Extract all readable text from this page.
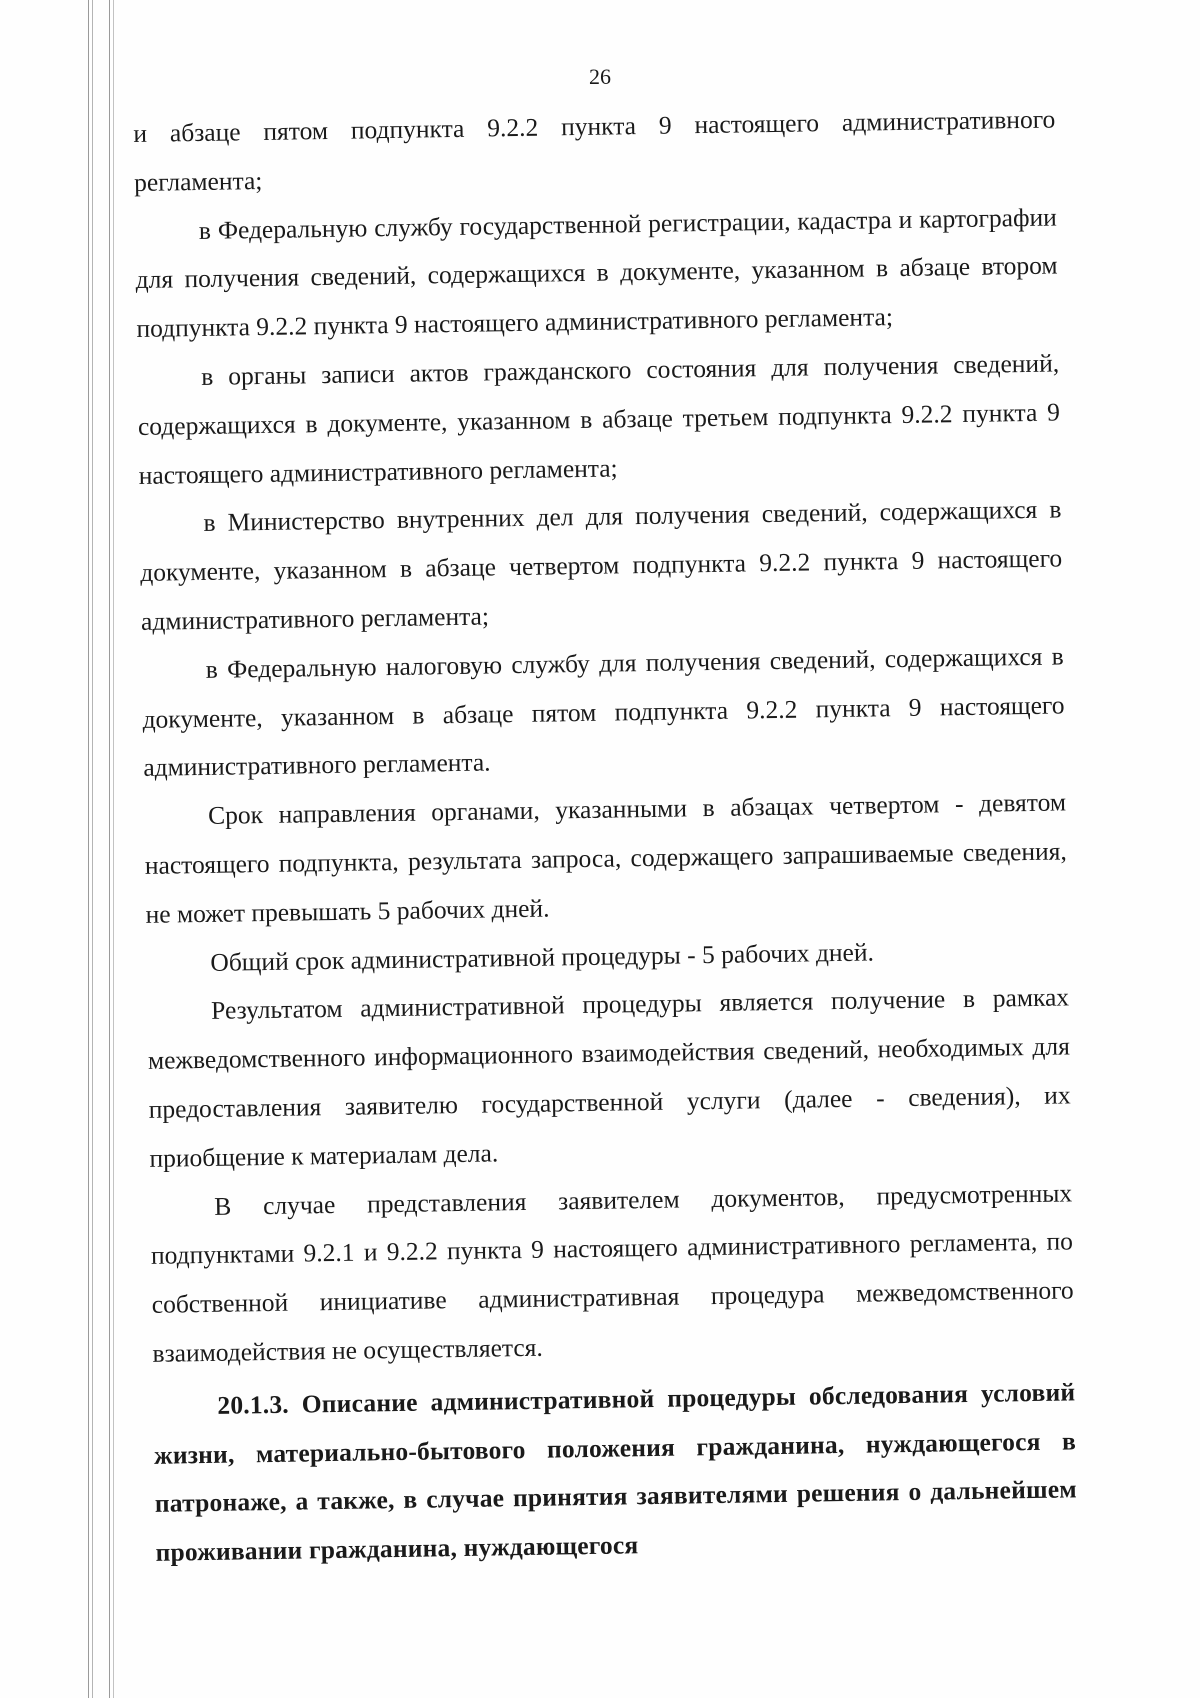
26

и абзаце пятом подпункта 9.2.2 пункта 9 настоящего административного регламента;

в Федеральную службу государственной регистрации, кадастра и картографии для получения сведений, содержащихся в документе, указанном в абзаце втором подпункта 9.2.2 пункта 9 настоящего административного регламента;

в органы записи актов гражданского состояния для получения сведений, содержащихся в документе, указанном в абзаце третьем подпункта 9.2.2 пункта 9 настоящего административного регламента;

в Министерство внутренних дел для получения сведений, содержащихся в документе, указанном в абзаце четвертом подпункта 9.2.2 пункта 9 настоящего административного регламента;

в Федеральную налоговую службу для получения сведений, содержащихся в документе, указанном в абзаце пятом подпункта 9.2.2 пункта 9 настоящего административного регламента.

Срок направления органами, указанными в абзацах четвертом - девятом настоящего подпункта, результата запроса, содержащего запрашиваемые сведения, не может превышать 5 рабочих дней.

Общий срок административной процедуры - 5 рабочих дней.

Результатом административной процедуры является получение в рамках межведомственного информационного взаимодействия сведений, необходимых для предоставления заявителю государственной услуги (далее - сведения), их приобщение к материалам дела.

В случае представления заявителем документов, предусмотренных подпунктами 9.2.1 и 9.2.2 пункта 9 настоящего административного регламента, по собственной инициативе административная процедура межведомственного взаимодействия не осуществляется.

20.1.3. Описание административной процедуры обследования условий жизни, материально-бытового положения гражданина, нуждающегося в патронаже, а также, в случае принятия заявителями решения о дальнейшем проживании гражданина, нуждающегося
